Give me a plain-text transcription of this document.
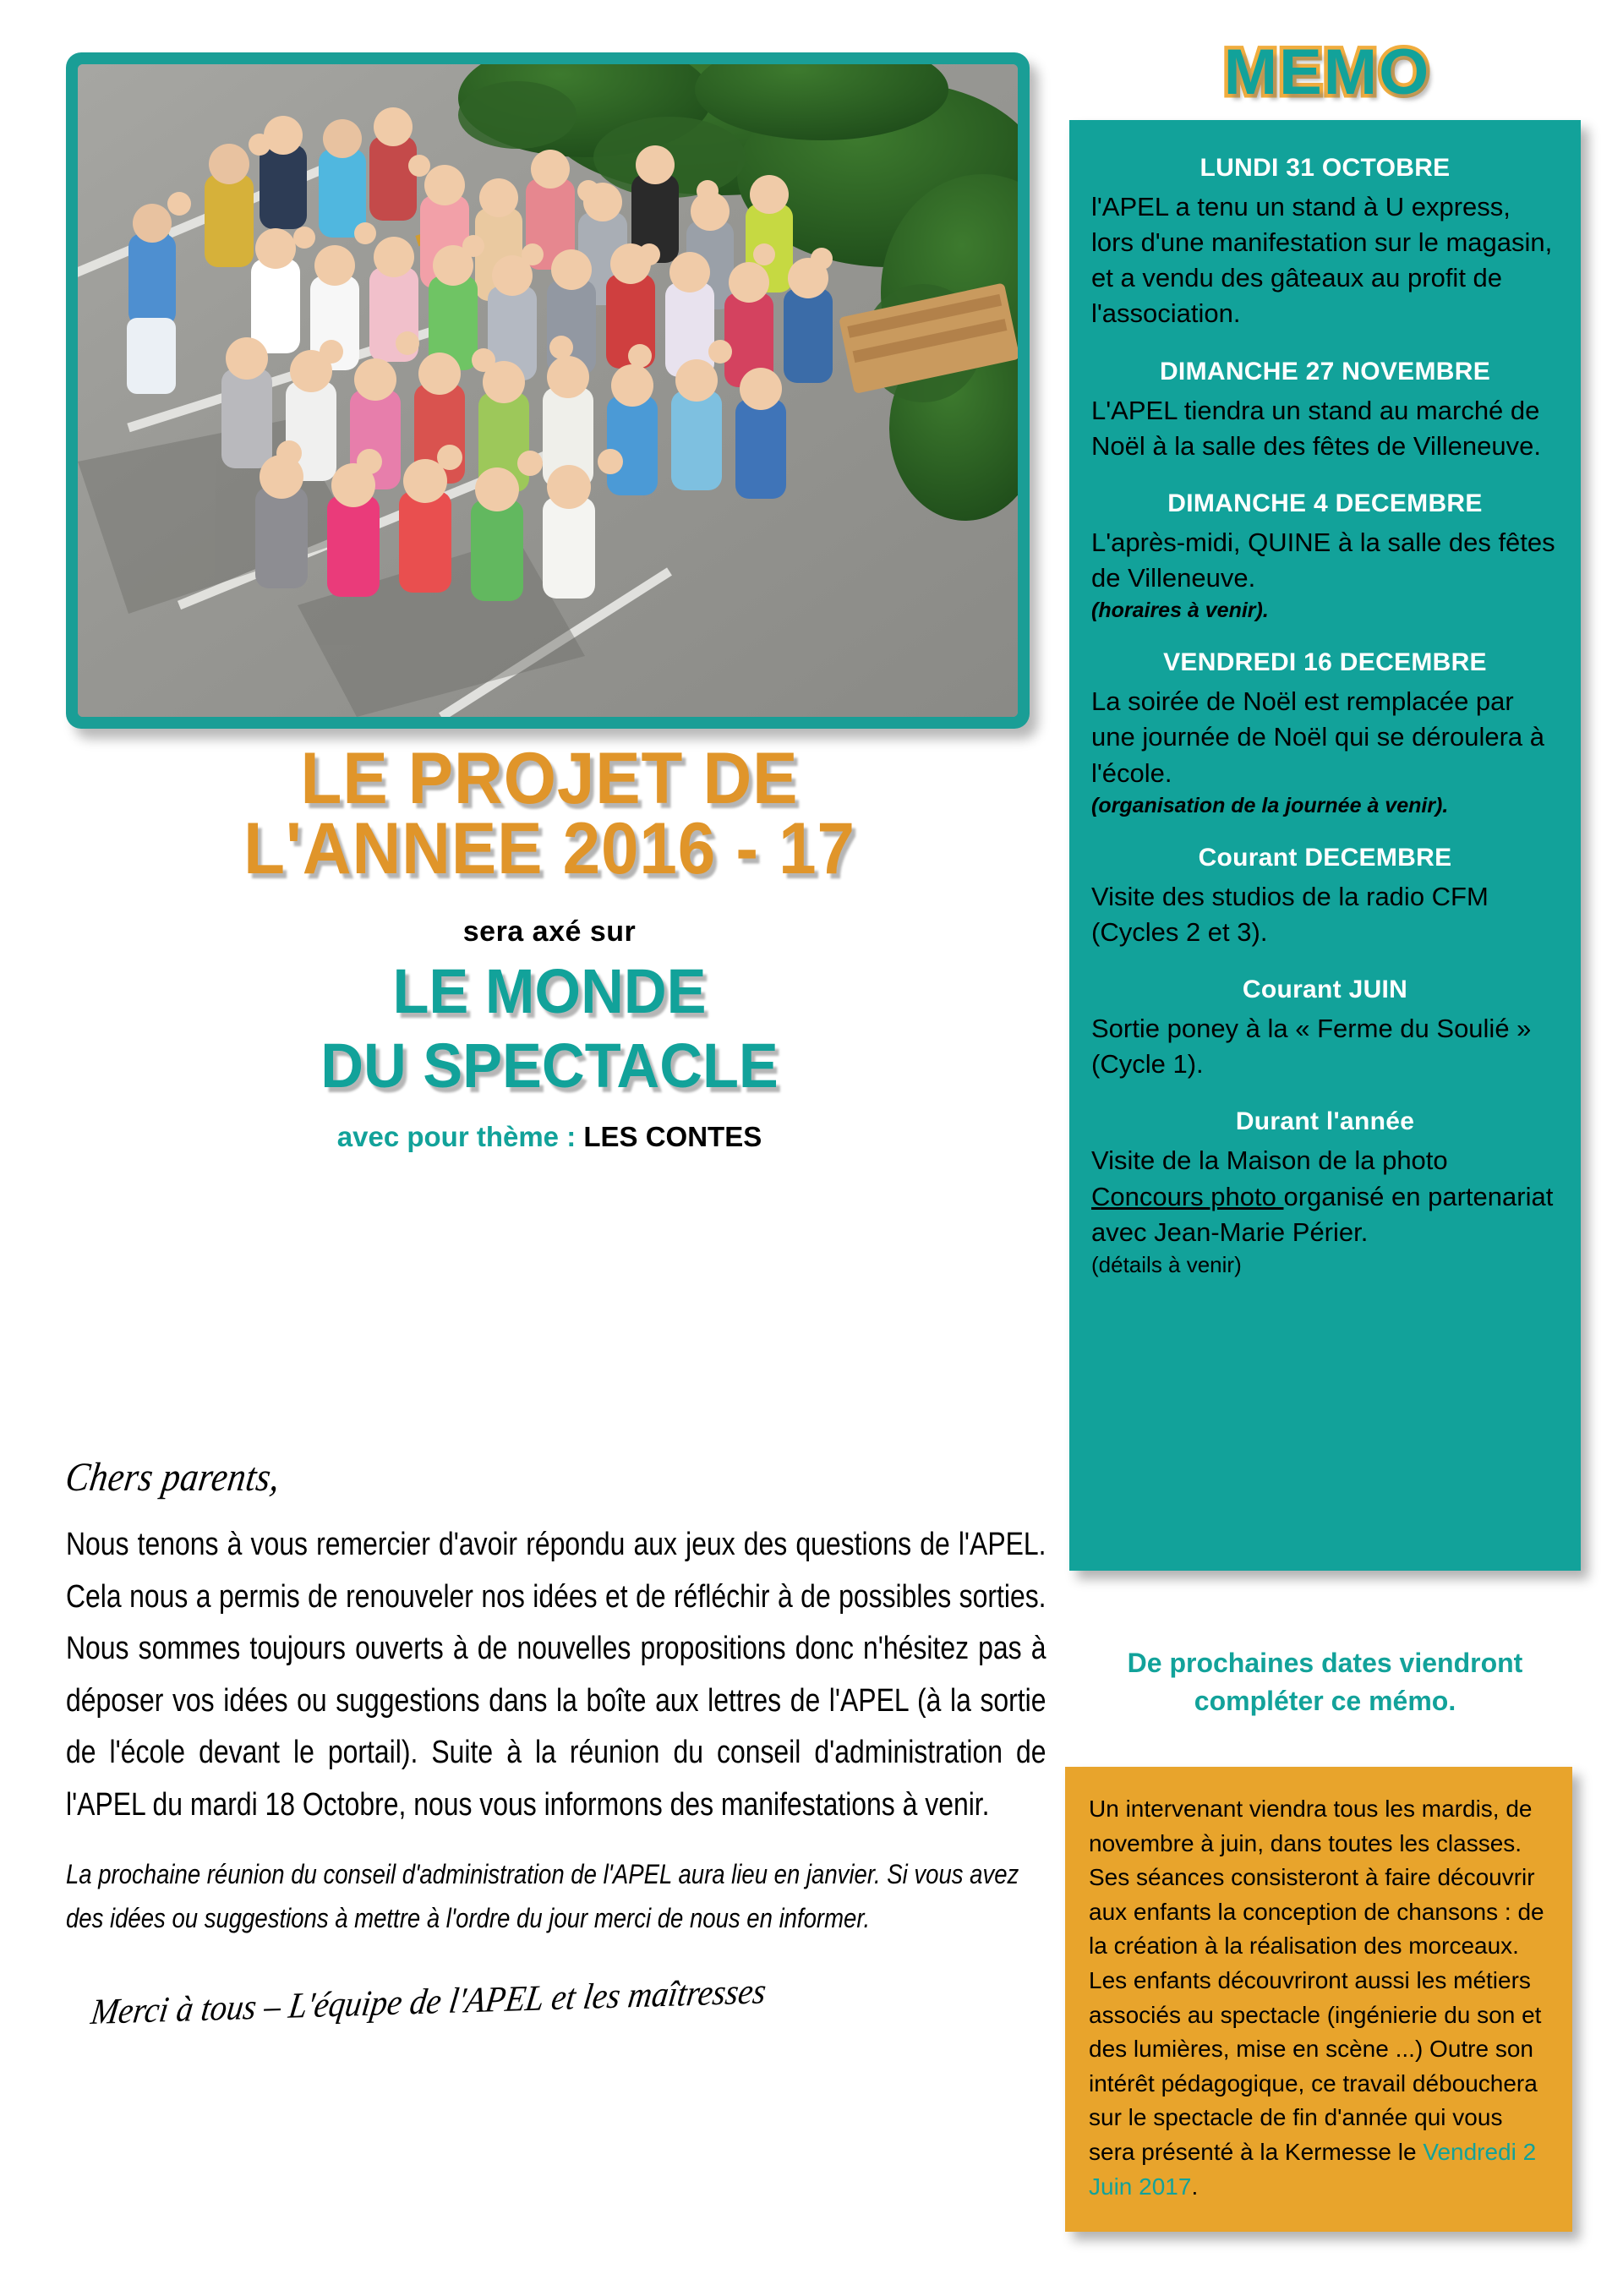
LE PROJET DE
L'ANNEE 2016 - 17
sera axé sur
LE MONDE
DU SPECTACLE
avec pour thème : LES CONTES
Chers parents,
Nous tenons à vous remercier d'avoir répondu aux jeux des questions de l'APEL. Cela nous a permis de renouveler nos idées et de réfléchir à de possibles sorties. Nous sommes toujours ouverts à de nouvelles propositions donc n'hésitez pas à déposer vos idées ou suggestions dans la boîte aux lettres de l'APEL (à la sortie de l'école devant le portail). Suite à la réunion du conseil d'administration de l'APEL du mardi 18 Octobre, nous vous informons des manifestations à venir.
La prochaine réunion du conseil d'administration de l'APEL aura lieu en janvier. Si vous avez des idées ou suggestions à mettre à l'ordre du jour merci de nous en informer.
Merci à tous – L'équipe de l'APEL et les maîtresses
MEMO
LUNDI 31 OCTOBRE
l'APEL a tenu un stand à U express, lors d'une manifestation sur le magasin, et a vendu des gâteaux au profit de l'association.
DIMANCHE 27 NOVEMBRE
L'APEL tiendra un stand au marché de Noël à la salle des fêtes de Villeneuve.
DIMANCHE 4 DECEMBRE
L'après-midi, QUINE à la salle des fêtes de Villeneuve.
(horaires à venir).
VENDREDI 16 DECEMBRE
La soirée de Noël est remplacée par une journée de Noël qui se déroulera à l'école.
(organisation de la journée à venir).
Courant DECEMBRE
Visite des studios de la radio CFM (Cycles 2 et 3).
Courant JUIN
Sortie poney à la « Ferme du Soulié » (Cycle 1).
Durant l'année
Visite de la Maison de la photo
Concours photo organisé en partenariat avec Jean-Marie Périer.
(détails à venir)
De prochaines dates viendront
compléter ce mémo.
Un intervenant viendra tous les mardis, de novembre à juin, dans toutes les classes. Ses séances consisteront à faire découvrir aux enfants la conception de chansons : de la création à la réalisation des morceaux. Les enfants découvriront aussi les métiers associés au spectacle (ingénierie du son et des lumières, mise en scène ...) Outre son intérêt pédagogique, ce travail débouchera sur le spectacle de fin d'année qui vous sera présenté à la Kermesse le Vendredi 2 Juin 2017.
